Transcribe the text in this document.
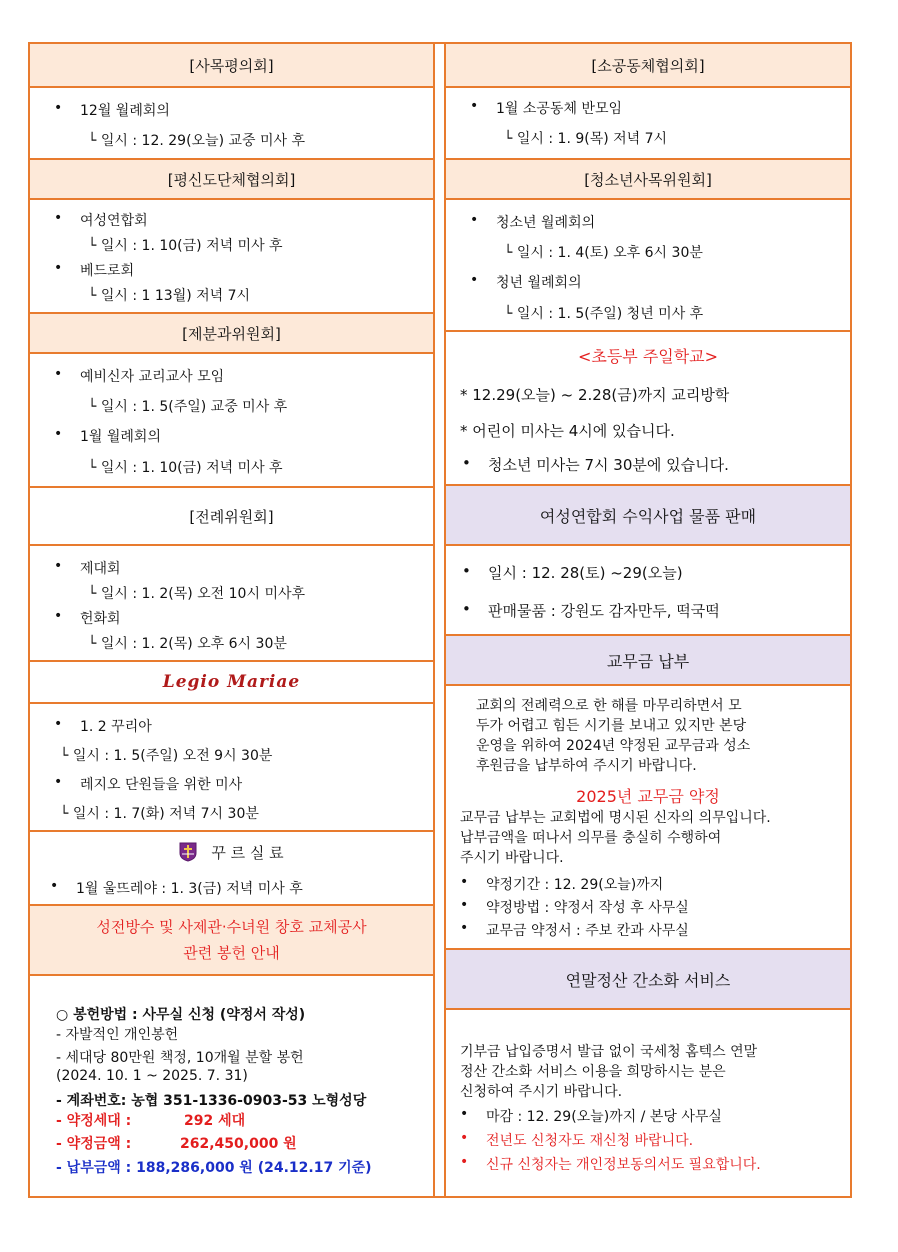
[사목평의회]
• 12월 월례회의
└ 일시 : 12. 29(오늘) 교중 미사 후
[평신도단체협의회]
• 여성연합회
└ 일시 : 1. 10(금) 저녁 미사 후
• 베드로회
└ 일시 : 1 13월) 저녁 7시
[제분과위원회]
• 예비신자 교리교사 모임
└ 일시 : 1. 5(주일) 교중 미사 후
• 1월 월례회의
└ 일시 : 1. 10(금) 저녁 미사 후
[전례위원회]
• 제대회
└ 일시 : 1. 2(목) 오전 10시 미사후
• 헌화회
└ 일시 : 1. 2(목) 오후 6시 30분
Legio Mariae
• 1. 2 꾸리아
└ 일시 : 1. 5(주일) 오전 9시 30분
• 레지오 단원들을 위한 미사
└ 일시 : 1. 7(화) 저녁 7시 30분
꾸 르 실 료
• 1월 울뜨레야 : 1. 3(금) 저녁 미사 후
성전방수 및 사제관·수녀원 창호 교체공사
관련 봉헌 안내
○ 봉헌방법 : 사무실 신청 (약정서 작성)
- 자발적인 개인봉헌
- 세대당 80만원 책정, 10개월 분할 봉헌
(2024. 10. 1 ~ 2025. 7. 31)
- 계좌번호: 농협 351-1336-0903-53 노형성당
- 약정세대 :	292 세대
- 약정금액 :	262,450,000 원
- 납부금액 : 188,286,000 원 (24.12.17 기준)
[소공동체협의회]
• 1월 소공동체 반모임
└ 일시 : 1. 9(목) 저녁 7시
[청소년사목위원회]
• 청소년 월례회의
└ 일시 : 1. 4(토) 오후 6시 30분
• 청년 월례회의
└ 일시 : 1. 5(주일) 청년 미사 후
<초등부 주일학교>
* 12.29(오늘) ~ 2.28(금)까지 교리방학
* 어린이 미사는 4시에 있습니다.
• 청소년 미사는 7시 30분에 있습니다.
여성연합회 수익사업 물품 판매
• 일시 : 12. 28(토) ~29(오늘)
• 판매물품 : 강원도 감자만두, 떡국떡
교무금 납부
교회의 전례력으로 한 해를 마무리하면서 모
두가 어렵고 힘든 시기를 보내고 있지만 본당
운영을 위하여 2024년 약정된 교무금과 성소
후원금을 납부하여 주시기 바랍니다.
2025년 교무금 약정
교무금 납부는 교회법에 명시된 신자의 의무입니다.
납부금액을 떠나서 의무를 충실히 수행하여
주시기 바랍니다.
• 약정기간 : 12. 29(오늘)까지
• 약정방법 : 약정서 작성 후 사무실
• 교무금 약정서 : 주보 칸과 사무실
연말정산 간소화 서비스
기부금 납입증명서 발급 없이 국세청 홈텍스 연말
정산 간소화 서비스 이용을 희망하시는 분은
신청하여 주시기 바랍니다.
• 마감 : 12. 29(오늘)까지 / 본당 사무실
• 전년도 신청자도 재신청 바랍니다.
• 신규 신청자는 개인정보동의서도 필요합니다.
